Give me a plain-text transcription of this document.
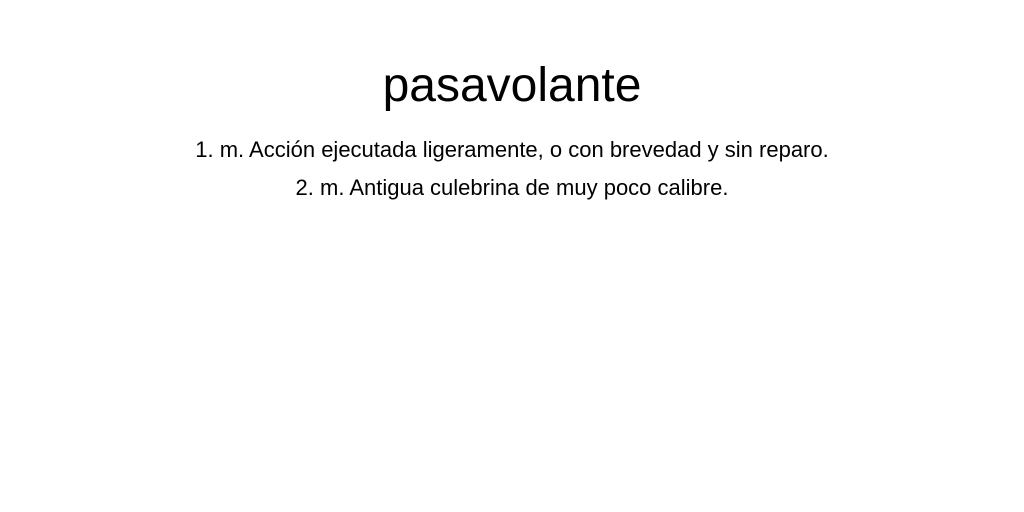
pasavolante
1. m. Acción ejecutada ligeramente, o con brevedad y sin reparo.
2. m. Antigua culebrina de muy poco calibre.
